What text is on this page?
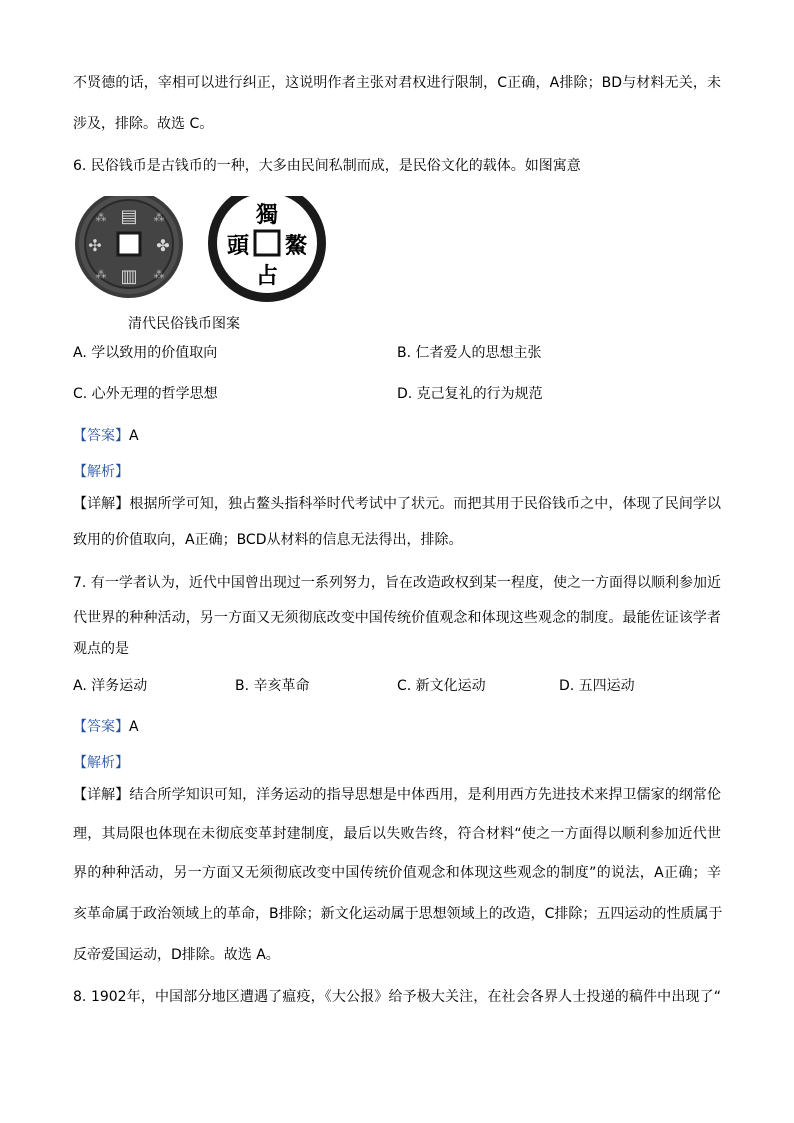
不贤德的话，宰相可以进行纠正，这说明作者主张对君权进行限制，C正确，A排除；BD与材料无关，未
涉及，排除。故选 C。
6. 民俗钱币是古钱币的一种，大多由民间私制而成，是民俗文化的载体。如图寓意
▤
▥
✣	✤
⁂	⁂
⁂	⁂
獨
鰲
頭
占
清代民俗钱币图案
A. 学以致用的价值取向	B. 仁者爱人的思想主张
C. 心外无理的哲学思想	D. 克己复礼的行为规范
【答案】A
【解析】
【详解】根据所学可知，独占鳌头指科举时代考试中了状元。而把其用于民俗钱币之中，体现了民间学以
致用的价值取向，A正确；BCD从材料的信息无法得出，排除。
7. 有一学者认为，近代中国曾出现过一系列努力，旨在改造政权到某一程度，使之一方面得以顺利参加近
代世界的种种活动，另一方面又无须彻底改变中国传统价值观念和体现这些观念的制度。最能佐证该学者
观点的是
A. 洋务运动	B. 辛亥革命	C. 新文化运动	D. 五四运动
【答案】A
【解析】
【详解】结合所学知识可知，洋务运动的指导思想是中体西用，是利用西方先进技术来捍卫儒家的纲常伦
理，其局限也体现在未彻底变革封建制度，最后以失败告终，符合材料“使之一方面得以顺利参加近代世
界的种种活动，另一方面又无须彻底改变中国传统价值观念和体现这些观念的制度”的说法，A正确；辛
亥革命属于政治领域上的革命，B排除；新文化运动属于思想领域上的改造，C排除；五四运动的性质属于
反帝爱国运动，D排除。故选 A。
8. 1902年，中国部分地区遭遇了瘟疫，《大公报》给予极大关注，在社会各界人士投递的稿件中出现了“
